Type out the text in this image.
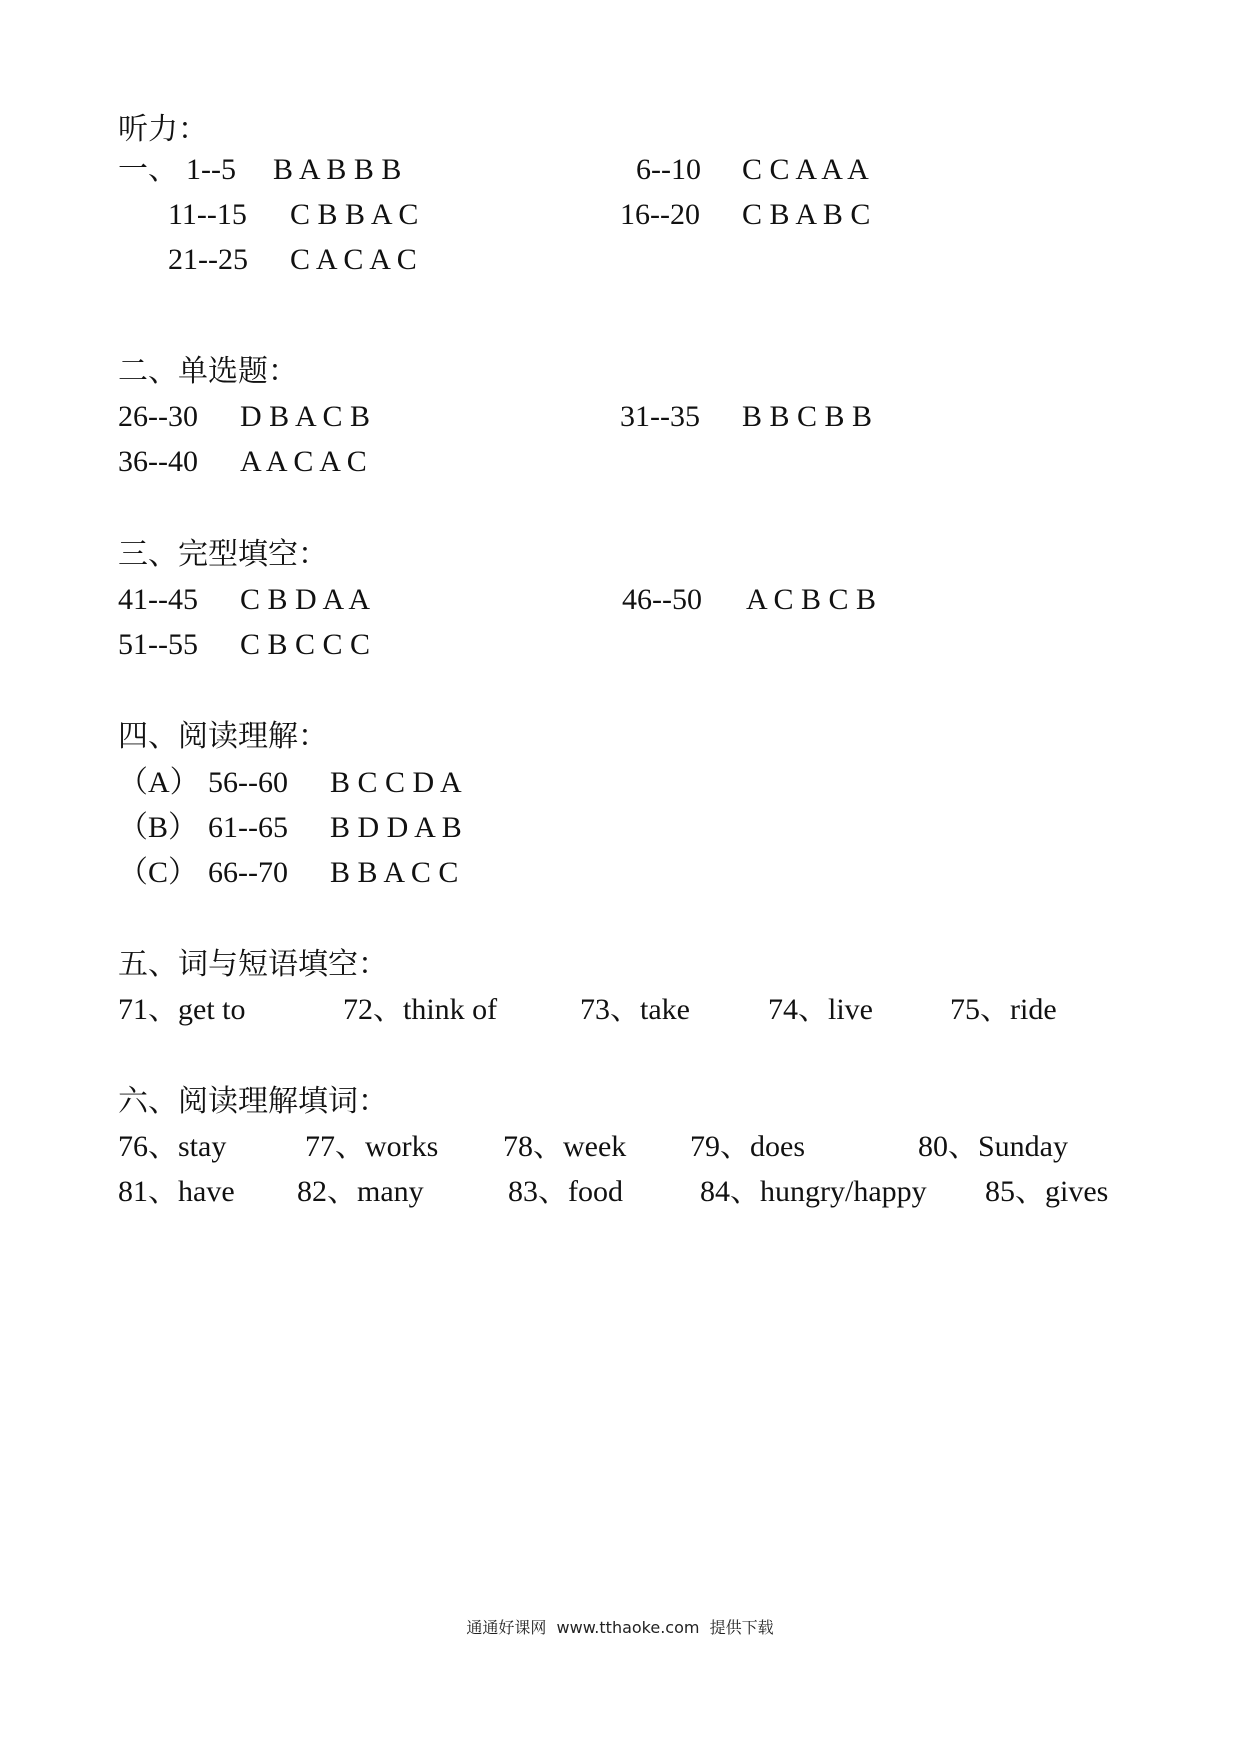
听力：
一、 1--5 B A B B B	6--10 C C A A A
11--15 C B B A C	16--20 C B A B C
21--25 C A C A C
二、单选题：
26--30 D B A C B	31--35 B B C B B
36--40 A A C A C
三、完型填空：
41--45 C B D A A	46--50 A C B C B
51--55 C B C C C
四、阅读理解：
（A） 56--60 B C C D A
（B） 61--65 B D D A B
（C） 66--70 B B A C C
五、词与短语填空：
71、get to	72、think of	73、take	74、live	75、ride
六、阅读理解填词：
76、stay	77、works 78、week 79、does	80、Sunday
81、have 82、many	83、food	84、hungry/happy 85、gives
通通好课网  www.tthaoke.com  提供下载
